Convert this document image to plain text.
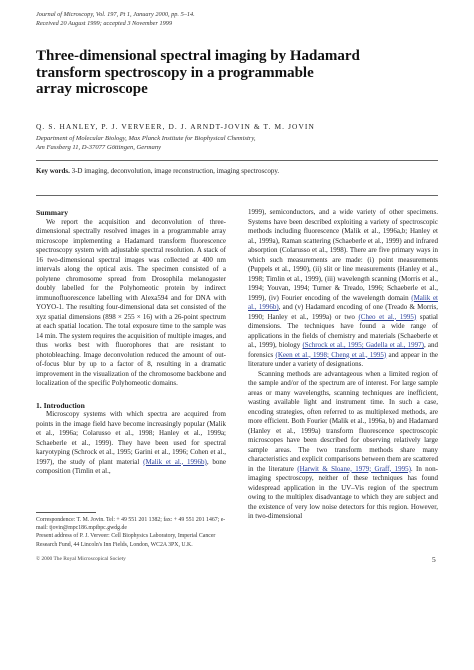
Journal of Microscopy, Vol. 197, Pt 1, January 2000, pp. 5–14.
Received 20 August 1999; accepted 3 November 1999
Three-dimensional spectral imaging by Hadamard
transform spectroscopy in a programmable
array microscope
Q. S. HANLEY, P. J. VERVEER, D. J. ARNDT-JOVIN & T. M. JOVIN
Department of Molecular Biology, Max Planck Institute for Biophysical Chemistry,
Am Fassberg 11, D-37077 Göttingen, Germany
Key words. 3-D imaging, deconvolution, image reconstruction, imaging spectroscopy.

Summary

We report the acquisition and deconvolution of three-dimensional spectrally resolved images in a programmable array microscope implementing a Hadamard transform fluorescence spectroscopy system with adjustable spectral resolution. A stack of 16 two-dimensional spectral images was collected at 400 nm intervals along the optical axis. The specimen consisted of a polytene chromosome spread from Drosophila melanogaster doubly labelled for the Polyhomeotic protein by indirect immunofluorescence labelling with Alexa594 and for DNA with YOYO-1. The resulting four-dimensional data set consisted of the xyz spatial dimensions (898 × 255 × 16) with a 26-point spectrum at each spatial location. The total exposure time to the sample was 14 min. The system requires the acquisition of multiple images, and thus works best with fluorophores that are resistant to photobleaching. Image deconvolution reduced the amount of out-of-focus blur by up to a factor of 8, resulting in a dramatic improvement in the visualization of the chromosome backbone and localization of the specific Polyhomeotic domains.

1. Introduction

Microscopy systems with which spectra are acquired from points in the image field have become increasingly popular (Malik et al., 1996a; Colarusso et al., 1998; Hanley et al., 1999a; Schaeberle et al., 1999). They have been used for spectral karyotyping (Schrock et al., 1995; Garini et al., 1996; Cohen et al., 1997), the study of plant material (Malik et al., 1996b), bone composition (Timlin et al.,

1999), semiconductors, and a wide variety of other specimens. Systems have been described exploiting a variety of spectroscopic methods including fluorescence (Malik et al., 1996a,b; Hanley et al., 1999a), Raman scattering (Schaeberle et al., 1999) and infrared absorption (Colarusso et al., 1998). There are five primary ways in which such measurements are made: (i) point measurements (Puppels et al., 1990), (ii) slit or line measurements (Hanley et al., 1998; Timlin et al., 1999), (iii) wavelength scanning (Morris et al., 1994; Youvan, 1994; Turner & Treado, 1996; Schaeberle et al., 1999), (iv) Fourier encoding of the wavelength domain (Malik et al., 1996b), and (v) Hadamard encoding of one (Treado & Morris, 1990; Hanley et al., 1999a) or two (Cheo et al., 1995) spatial dimensions. The techniques have found a wide range of applications in the fields of chemistry and materials (Schaeberle et al., 1999), biology (Schrock et al., 1995; Gadella et al., 1997), and forensics (Keen et al., 1998; Cheng et al., 1995) and appear in the literature under a variety of designations.

Scanning methods are advantageous when a limited region of the sample and/or of the spectrum are of interest. For large sample areas or many wavelengths, scanning techniques are inefficient, wasting available light and instrument time. In such a case, encoding strategies, often referred to as multiplexed methods, are more efficient. Both Fourier (Malik et al., 1996a, b) and Hadamard (Hanley et al., 1999a) transform fluorescence spectroscopic microscopes have been described for observing relatively large sample areas. The two transform methods share many characteristics and explicit comparisons between them are scattered in the literature (Harwit & Sloane, 1979; Graff, 1995). In non-imaging spectroscopy, neither of these techniques has found widespread application in the UV–Vis region of the spectrum owing to the multiplex disadvantage to which they are subject and the existence of very low noise detectors for this region. However, in two-dimensional

Correspondence: T. M. Jovin. Tel: + 49 551 201 1382; fax: + 49 551 201 1467; e-mail: tjovin@mpc186.mpibpc.gwdg.de
Present address of P. J. Verveer: Cell Biophysics Laboratory, Imperial Cancer Research Fund, 44 Lincoln's Inn Fields, London, WC2A 3PX, U.K.
© 2000 The Royal Microscopical Society	5
